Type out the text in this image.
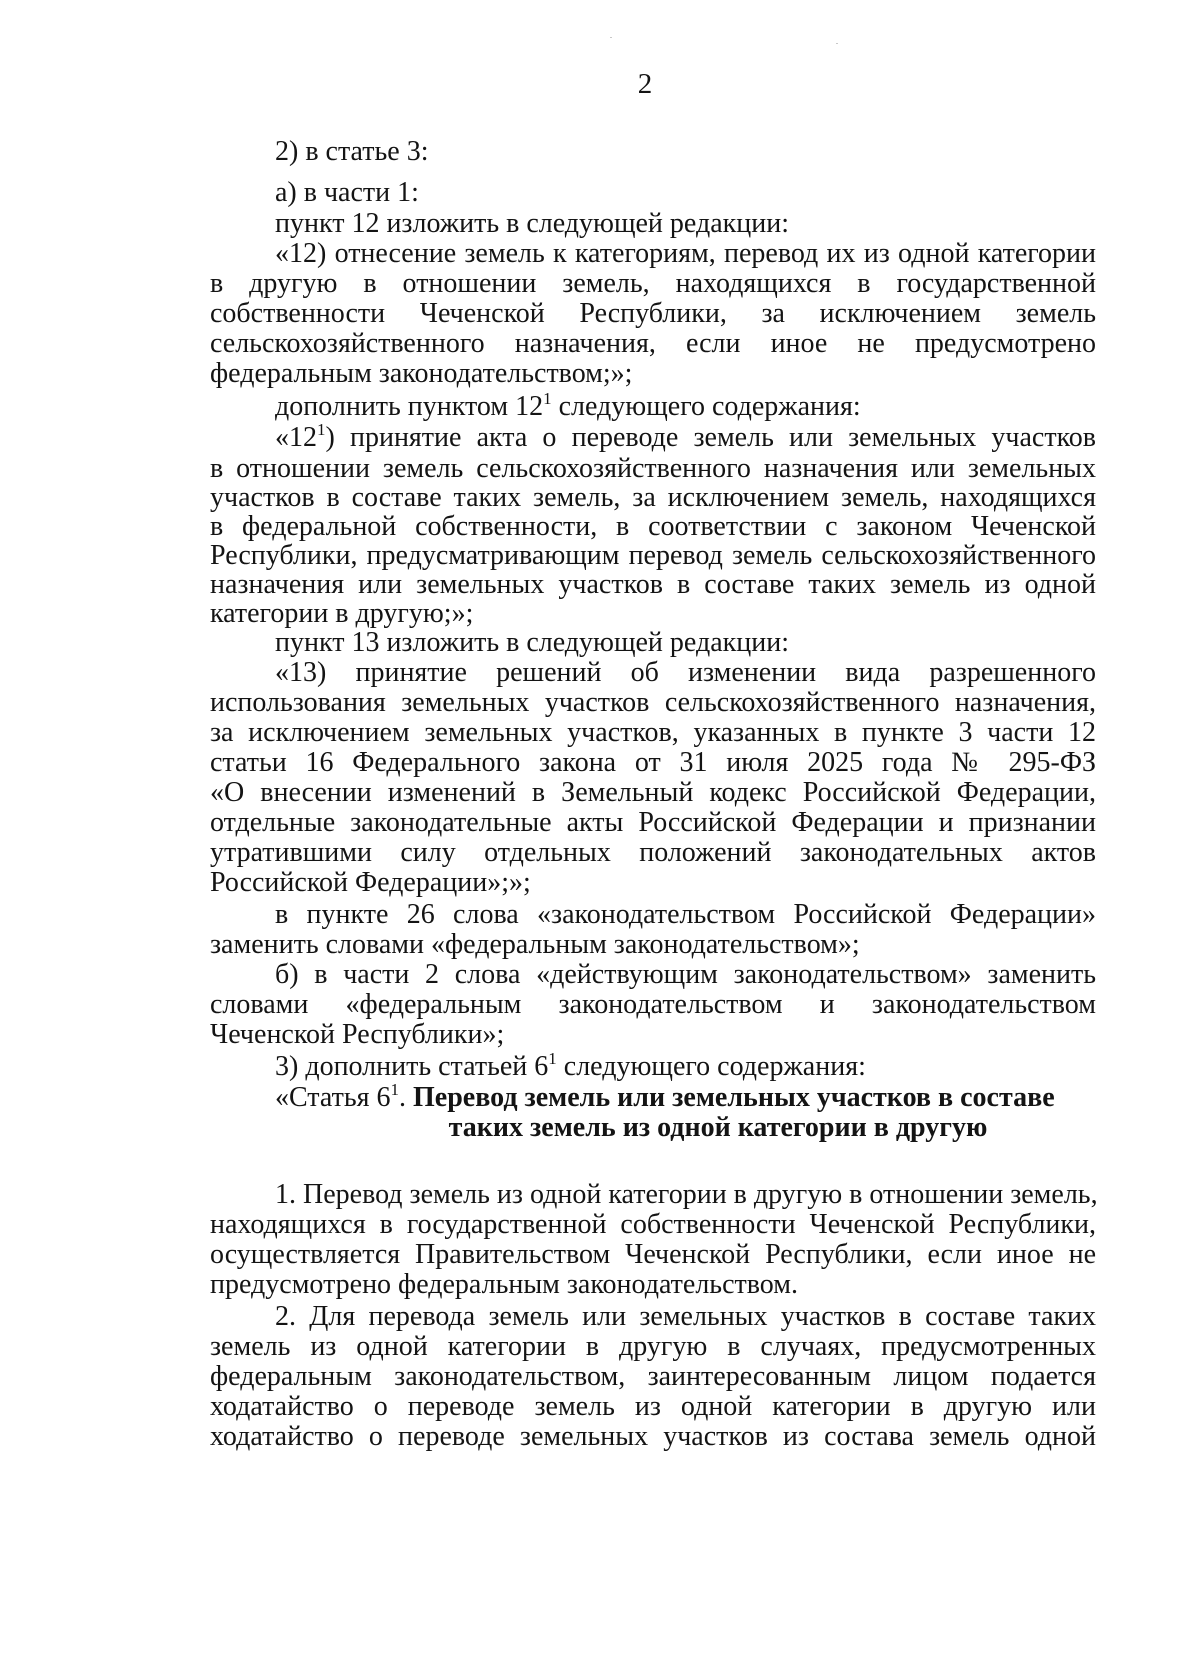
2
2) в статье 3:
а) в части 1:
пункт 12 изложить в следующей редакции:
«12) отнесение земель к категориям, перевод их из одной категории
в другую в отношении земель, находящихся в государственной
собственности Чеченской Республики, за исключением земель
сельскохозяйственного назначения, если иное не предусмотрено
федеральным законодательством;»;
дополнить пунктом $12^1$ следующего содержания:
«$12^1$) принятие акта о переводе земель или земельных участков
в отношении земель сельскохозяйственного назначения или земельных
участков в составе таких земель, за исключением земель, находящихся
в федеральной собственности, в соответствии с законом Чеченской
Республики, предусматривающим перевод земель сельскохозяйственного
назначения или земельных участков в составе таких земель из одной
категории в другую;»;
пункт 13 изложить в следующей редакции:
«13) принятие решений об изменении вида разрешенного
использования земельных участков сельскохозяйственного назначения,
за исключением земельных участков, указанных в пункте 3 части 12
статьи 16 Федерального закона от 31 июля 2025 года № 295-ФЗ
«О внесении изменений в Земельный кодекс Российской Федерации,
отдельные законодательные акты Российской Федерации и признании
утратившими силу отдельных положений законодательных актов
Российской Федерации»;»;
в пункте 26 слова «законодательством Российской Федерации»
заменить словами «федеральным законодательством»;
б) в части 2 слова «действующим законодательством» заменить
словами «федеральным законодательством и законодательством
Чеченской Республики»;
3) дополнить статьей $6^1$ следующего содержания:
«Статья $6^1$. Перевод земель или земельных участков в составе
таких земель из одной категории в другую
1. Перевод земель из одной категории в другую в отношении земель,
находящихся в государственной собственности Чеченской Республики,
осуществляется Правительством Чеченской Республики, если иное не
предусмотрено федеральным законодательством.
2. Для перевода земель или земельных участков в составе таких
земель из одной категории в другую в случаях, предусмотренных
федеральным законодательством, заинтересованным лицом подается
ходатайство о переводе земель из одной категории в другую или
ходатайство о переводе земельных участков из состава земель одной
